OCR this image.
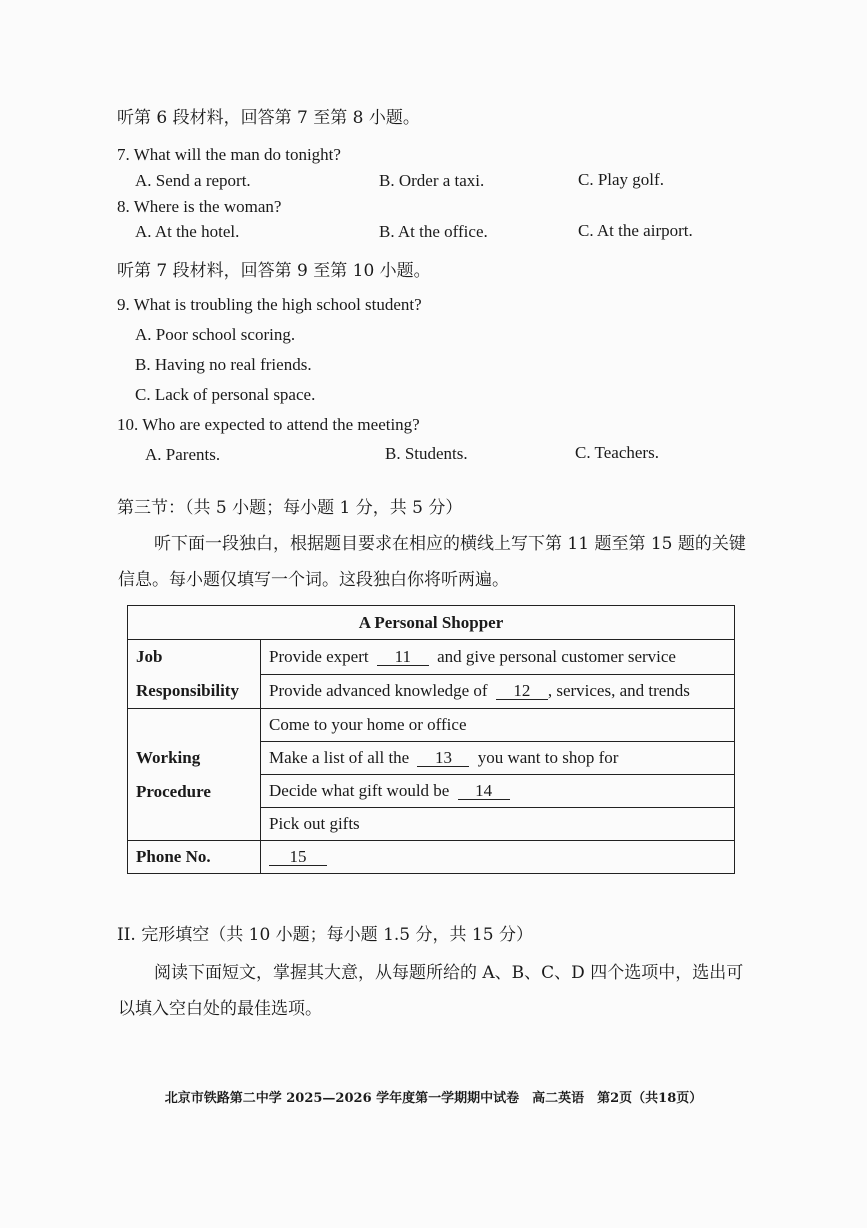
听第 6 段材料，回答第 7 至第 8 小题。
7. What will the man do tonight?
A. Send a report.	B. Order a taxi.	C. Play golf.
8. Where is the woman?
A. At the hotel.	B. At the office.	C. At the airport.
听第 7 段材料，回答第 9 至第 10 小题。
9. What is troubling the high school student?
A. Poor school scoring.
B. Having no real friends.
C. Lack of personal space.
10. Who are expected to attend the meeting?
A. Parents.	B. Students.	C. Teachers.
第三节：（共 5 小题；每小题 1 分，共 5 分）
听下面一段独白，根据题目要求在相应的横线上写下第 11 题至第 15 题的关键信息。每小题仅填写一个词。这段独白你将听两遍。
A Personal Shopper	
Job
Responsibility	Provide expert 11 and give personal customer service
	Provide advanced knowledge of 12 , services, and trends
Working
Procedure	Come to your home or office
	Make a list of all the 13 you want to shop for
	Decide what gift would be 14
	Pick out gifts
Phone No.	15
II. 完形填空（共 10 小题；每小题 1.5 分，共 15 分）
阅读下面短文，掌握其大意，从每题所给的 A、B、C、D 四个选项中，选出可以填入空白处的最佳选项。
北京市铁路第二中学 2025—2026 学年度第一学期期中试卷　高二英语　第2页（共18页）
